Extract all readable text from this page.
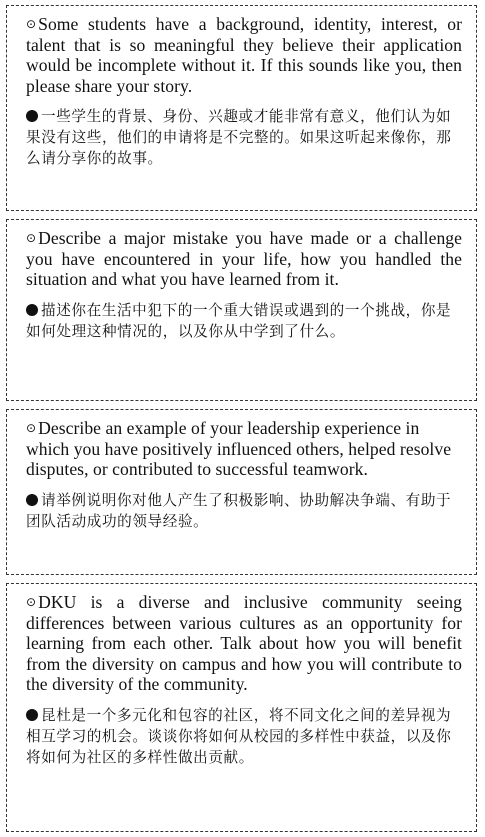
⊙ Some students have a background, identity, interest, or talent that is so meaningful they believe their application would be incomplete without it. If this sounds like you, then please share your story.

一些学生的背景、身份、兴趣或才能非常有意义，他们认为如果没有这些，他们的申请将是不完整的。如果这听起来像你，那么请分享你的故事。

⊙ Describe a major mistake you have made or a challenge you have encountered in your life, how you handled the situation and what you have learned from it.

描述你在生活中犯下的一个重大错误或遇到的一个挑战，你是如何处理这种情况的，以及你从中学到了什么。

⊙ Describe an example of your leadership experience in which you have positively influenced others, helped resolve disputes, or contributed to successful teamwork.

请举例说明你对他人产生了积极影响、协助解决争端、有助于团队活动成功的领导经验。

⊙ DKU is a diverse and inclusive community seeing differences between various cultures as an opportunity for learning from each other. Talk about how you will benefit from the diversity on campus and how you will contribute to the diversity of the community.

昆杜是一个多元化和包容的社区，将不同文化之间的差异视为相互学习的机会。谈谈你将如何从校园的多样性中获益，以及你将如何为社区的多样性做出贡献。
